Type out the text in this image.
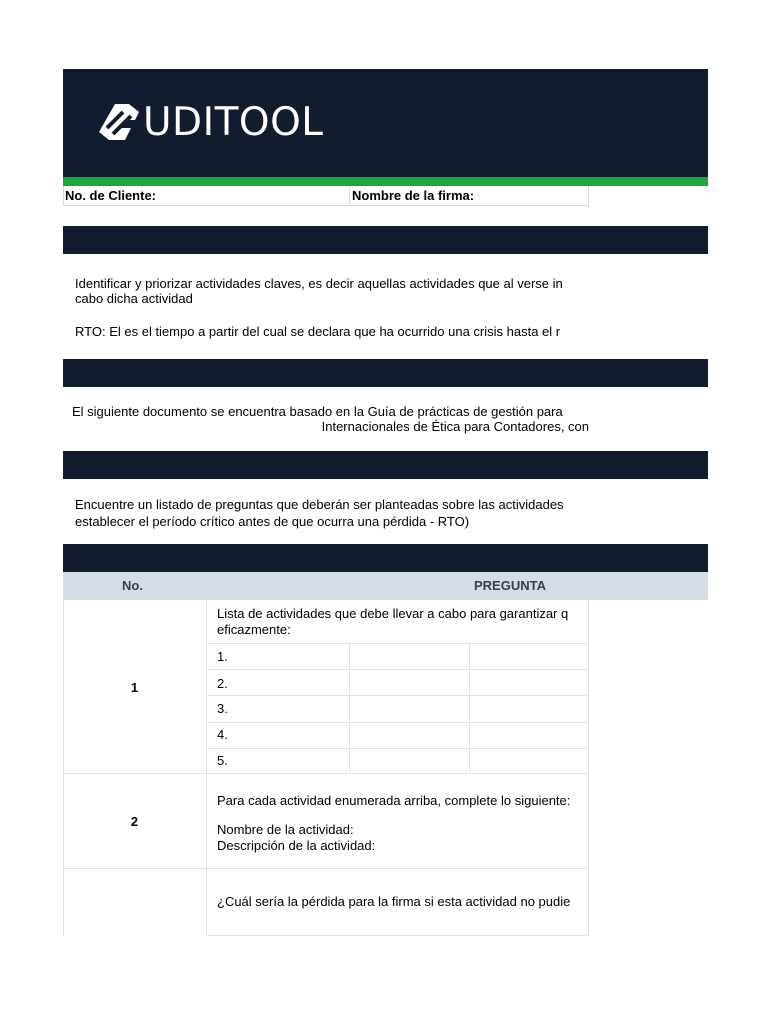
UDITOOL
No. de Cliente:	Nombre de la firma:
Identificar y priorizar actividades claves, es decir aquellas actividades que al verse in
cabo dicha actividad
RTO: El es el tiempo a partir del cual se declara que ha ocurrido una crisis hasta el r
El siguiente documento se encuentra basado en la Guía de prácticas de gestión para
Internacionales de Ética para Contadores, con
Encuentre un listado de preguntas que deberán ser planteadas sobre las actividades
establecer el período crítico antes de que ocurra una pérdida - RTO)
No.	PREGUNTA
1
Lista de actividades que debe llevar a cabo para garantizar q
eficazmente:
1.
2.
3.
4.
5.
2
Para cada actividad enumerada arriba, complete lo siguiente:
Nombre de la actividad:
Descripción de la actividad:
¿Cuál sería la pérdida para la firma si esta actividad no pudie
